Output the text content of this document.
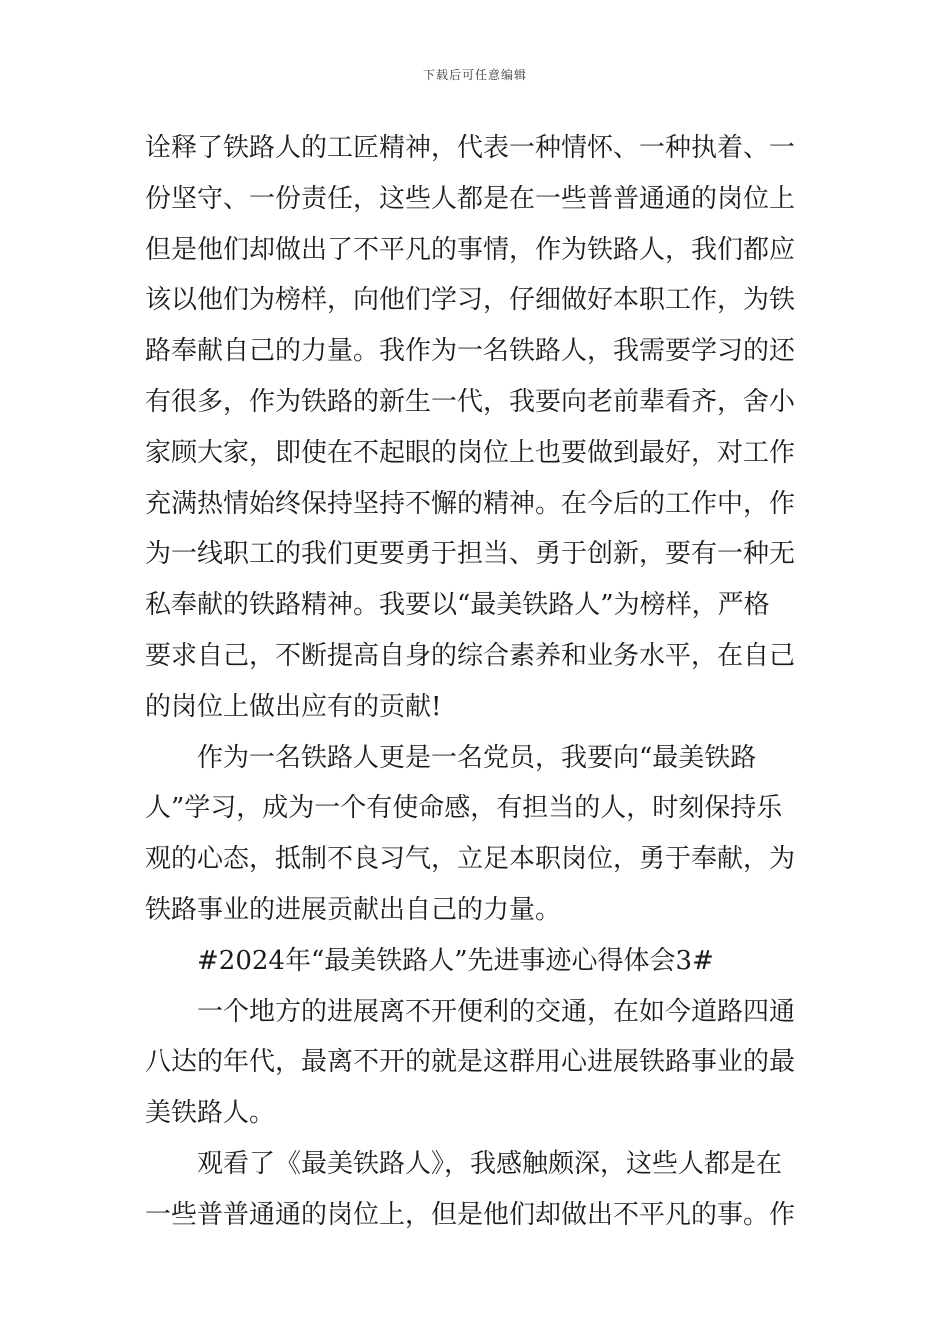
下载后可任意编辑
诠释了铁路人的工匠精神，代表一种情怀、一种执着、一
份坚守、一份责任，这些人都是在一些普普通通的岗位上
但是他们却做出了不平凡的事情，作为铁路人，我们都应
该以他们为榜样，向他们学习，仔细做好本职工作，为铁
路奉献自己的力量。我作为一名铁路人，我需要学习的还
有很多，作为铁路的新生一代，我要向老前辈看齐，舍小
家顾大家，即使在不起眼的岗位上也要做到最好，对工作
充满热情始终保持坚持不懈的精神。在今后的工作中，作
为一线职工的我们更要勇于担当、勇于创新，要有一种无
私奉献的铁路精神。我要以“最美铁路人”为榜样，严格
要求自己，不断提高自身的综合素养和业务水平，在自己
的岗位上做出应有的贡献!
作为一名铁路人更是一名党员，我要向“最美铁路
人”学习，成为一个有使命感，有担当的人，时刻保持乐
观的心态，抵制不良习气，立足本职岗位，勇于奉献，为
铁路事业的进展贡献出自己的力量。
#2024年“最美铁路人”先进事迹心得体会3#
一个地方的进展离不开便利的交通，在如今道路四通
八达的年代，最离不开的就是这群用心进展铁路事业的最
美铁路人。
观看了《最美铁路人》，我感触颇深，这些人都是在
一些普普通通的岗位上，但是他们却做出不平凡的事。作
